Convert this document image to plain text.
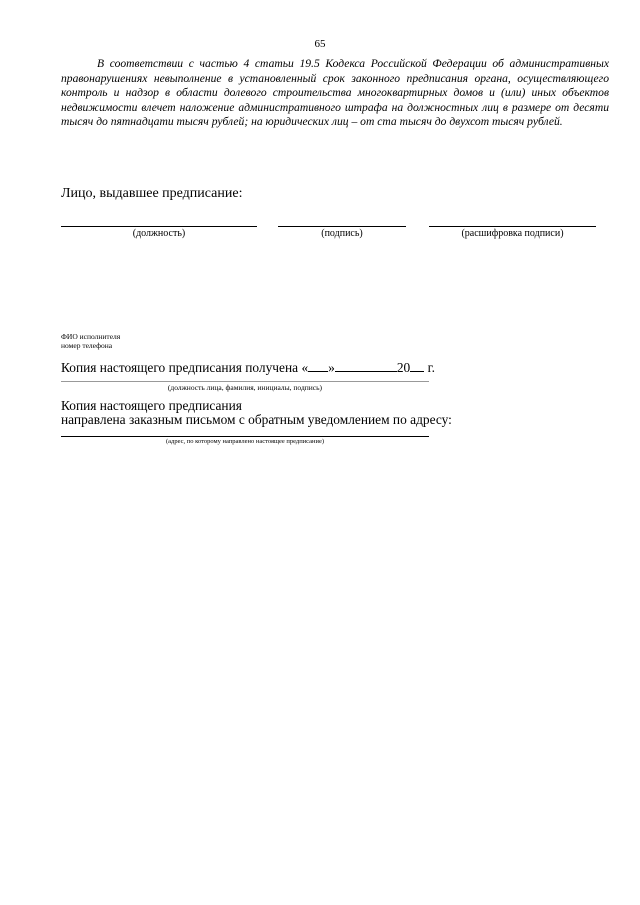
65

В соответствии с частью 4 статьи 19.5 Кодекса Российской Федерации об административных правонарушениях невыполнение в установленный срок законного предписания органа, осуществляющего контроль и надзор в области долевого строительства многоквартирных домов и (или) иных объектов недвижимости влечет наложение административного штрафа на должностных лиц в размере от десяти тысяч до пятнадцати тысяч рублей; на юридических лиц – от ста тысяч до двухсот тысяч рублей.

Лицо, выдавшее предписание:

(должность)	(подпись)	(расшифровка подписи)
ФИО исполнителя
номер телефона
Копия настоящего предписания получена « »	20 г.
(должность лица, фамилия, инициалы, подпись)
Копия настоящего предписания
направлена заказным письмом с обратным уведомлением по адресу:
(адрес, по которому направлено настоящее предписание)
